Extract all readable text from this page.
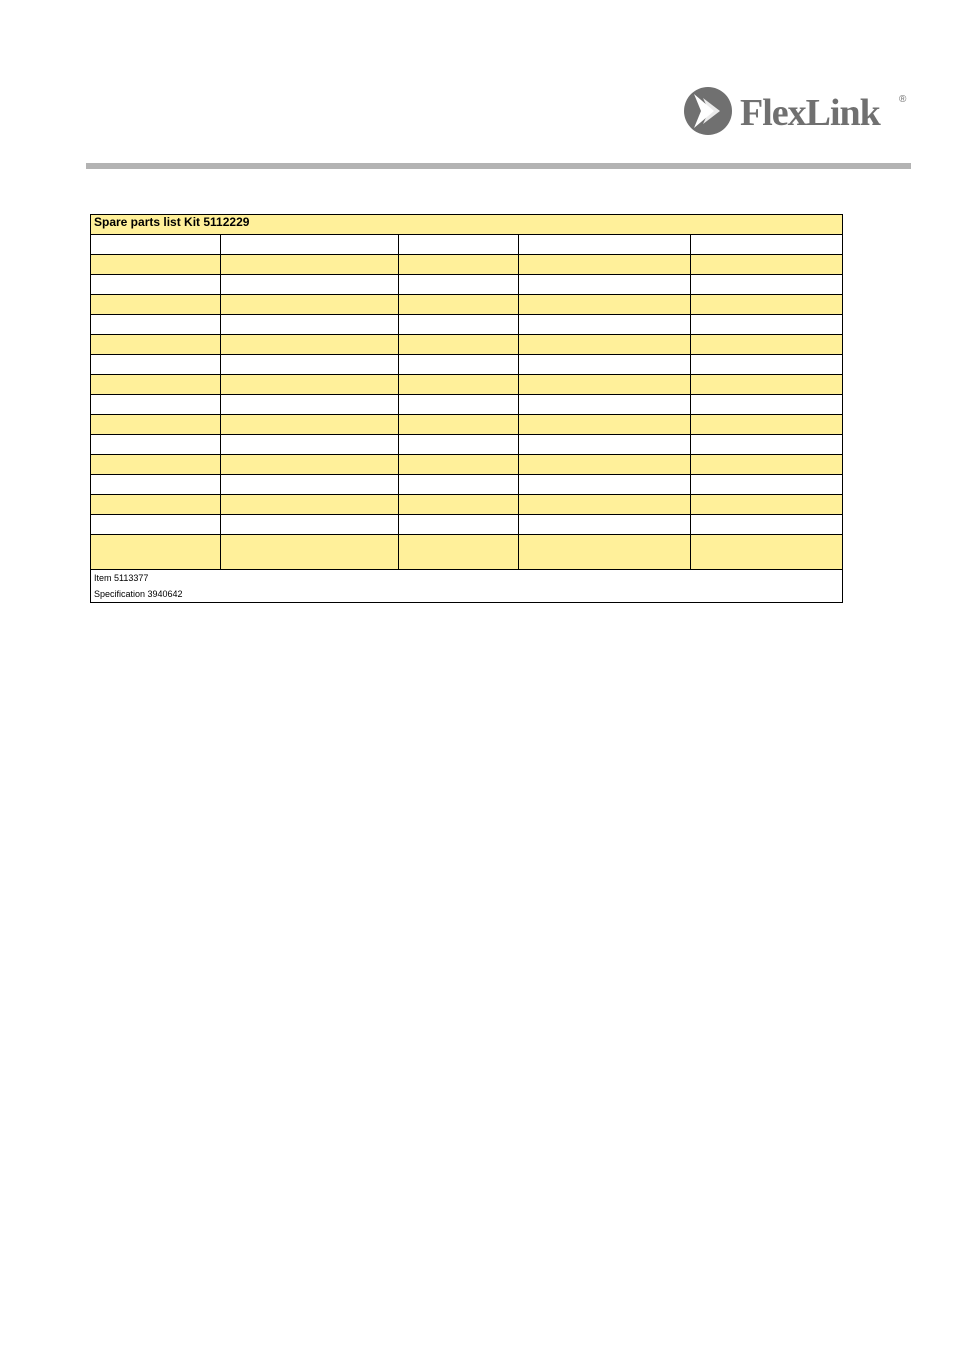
FlexLink ®
Spare parts list Kit 5112229				

Item 5113377
Specification 3940642				
